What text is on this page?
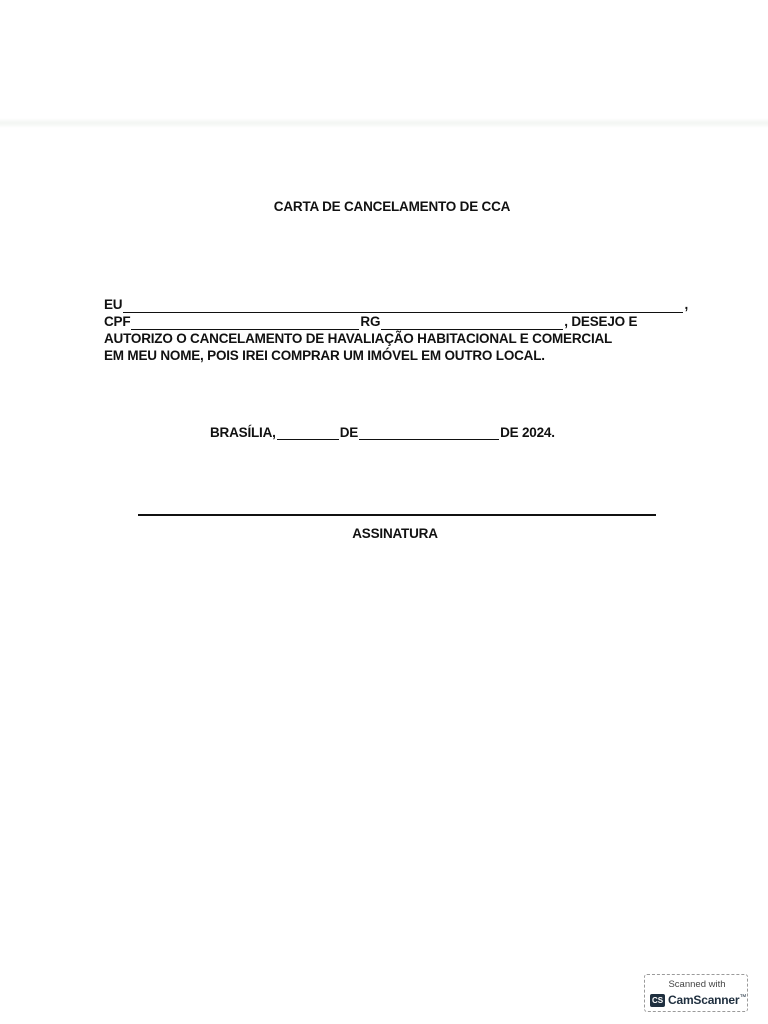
CARTA DE CANCELAMENTO DE CCA
EU	,
CPF	RG	, DESEJO E
AUTORIZO O CANCELAMENTO DE HAVALIAÇÃO HABITACIONAL E COMERCIAL
EM MEU NOME, POIS IREI COMPRAR UM IMÓVEL EM OUTRO LOCAL.
BRASÍLIA,	DE	DE 2024.
ASSINATURA
Scanned with
CS CamScanner ™
